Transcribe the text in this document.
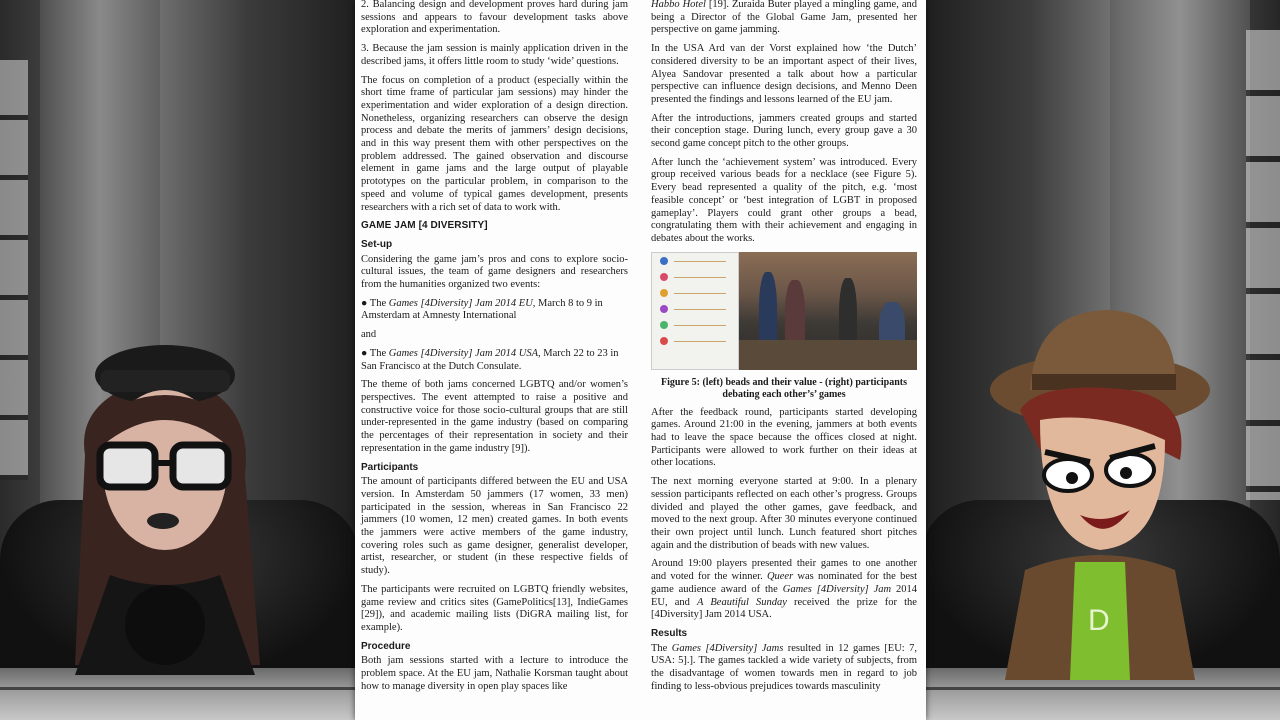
D

2. Balancing design and development proves hard during jam sessions and appears to favour development tasks above exploration and experimentation.

3. Because the jam session is mainly application driven in the described jams, it offers little room to study ‘wide’ questions.

The focus on completion of a product (especially within the short time frame of particular jam sessions) may hinder the experimentation and wider exploration of a design direction. Nonetheless, organizing researchers can observe the design process and debate the merits of jammers’ design decisions, and in this way present them with other perspectives on the problem addressed. The gained observation and discourse element in game jams and the large output of playable prototypes on the particular problem, in comparison to the speed and volume of typical games development, presents researchers with a rich set of data to work with.

GAME JAM [4 DIVERSITY]
Set-up

Considering the game jam’s pros and cons to explore socio-cultural issues, the team of game designers and researchers from the humanities organized two events:

● The Games [4Diversity] Jam 2014 EU, March 8 to 9 in Amsterdam at Amnesty International

and

● The Games [4Diversity] Jam 2014 USA, March 22 to 23 in San Francisco at the Dutch Consulate.

The theme of both jams concerned LGBTQ and/or women’s perspectives. The event attempted to raise a positive and constructive voice for those socio-cultural groups that are still under-represented in the game industry (based on comparing the percentages of their representation in society and their representation in the game industry [9]).

Participants

The amount of participants differed between the EU and USA version. In Amsterdam 50 jammers (17 women, 33 men) participated in the session, whereas in San Francisco 22 jammers (10 women, 12 men) created games. In both events the jammers were active members of the game industry, covering roles such as game designer, generalist developer, artist, researcher, or student (in these respective fields of study).

The participants were recruited on LGBTQ friendly websites, game review and critics sites (GamePolitics[13], IndieGames [29]), and academic mailing lists (DiGRA mailing list, for example).

Procedure

Both jam sessions started with a lecture to introduce the problem space. At the EU jam, Nathalie Korsman taught about how to manage diversity in open play spaces like

Habbo Hotel [19]. Zuraida Buter played a mingling game, and being a Director of the Global Game Jam, presented her perspective on game jamming.

In the USA Ard van der Vorst explained how ‘the Dutch’ considered diversity to be an important aspect of their lives, Alyea Sandovar presented a talk about how a particular perspective can influence design decisions, and Menno Deen presented the findings and lessons learned of the EU jam.

After the introductions, jammers created groups and started their conception stage. During lunch, every group gave a 30 second game concept pitch to the other groups.

After lunch the ‘achievement system’ was introduced. Every group received various beads for a necklace (see Figure 5). Every bead represented a quality of the pitch, e.g. ‘most feasible concept’ or ‘best integration of LGBT in proposed gameplay’. Players could grant other groups a bead, congratulating them with their achievement and engaging in debates about the works.

Figure 5: (left) beads and their value - (right) participants debating each other’s’ games

After the feedback round, participants started developing games. Around 21:00 in the evening, jammers at both events had to leave the space because the offices closed at night. Participants were allowed to work further on their ideas at other locations.

The next morning everyone started at 9:00. In a plenary session participants reflected on each other’s progress. Groups divided and played the other games, gave feedback, and moved to the next group. After 30 minutes everyone continued their own project until lunch. Lunch featured short pitches again and the distribution of beads with new values.

Around 19:00 players presented their games to one another and voted for the winner. Queer was nominated for the best game audience award of the Games [4Diversity] Jam 2014 EU, and A Beautiful Sunday received the prize for the [4Diversity] Jam 2014 USA.

Results

The Games [4Diversity] Jams resulted in 12 games [EU: 7, USA: 5].]. The games tackled a wide variety of subjects, from the disadvantage of women towards men in regard to job finding to less-obvious prejudices towards masculinity
